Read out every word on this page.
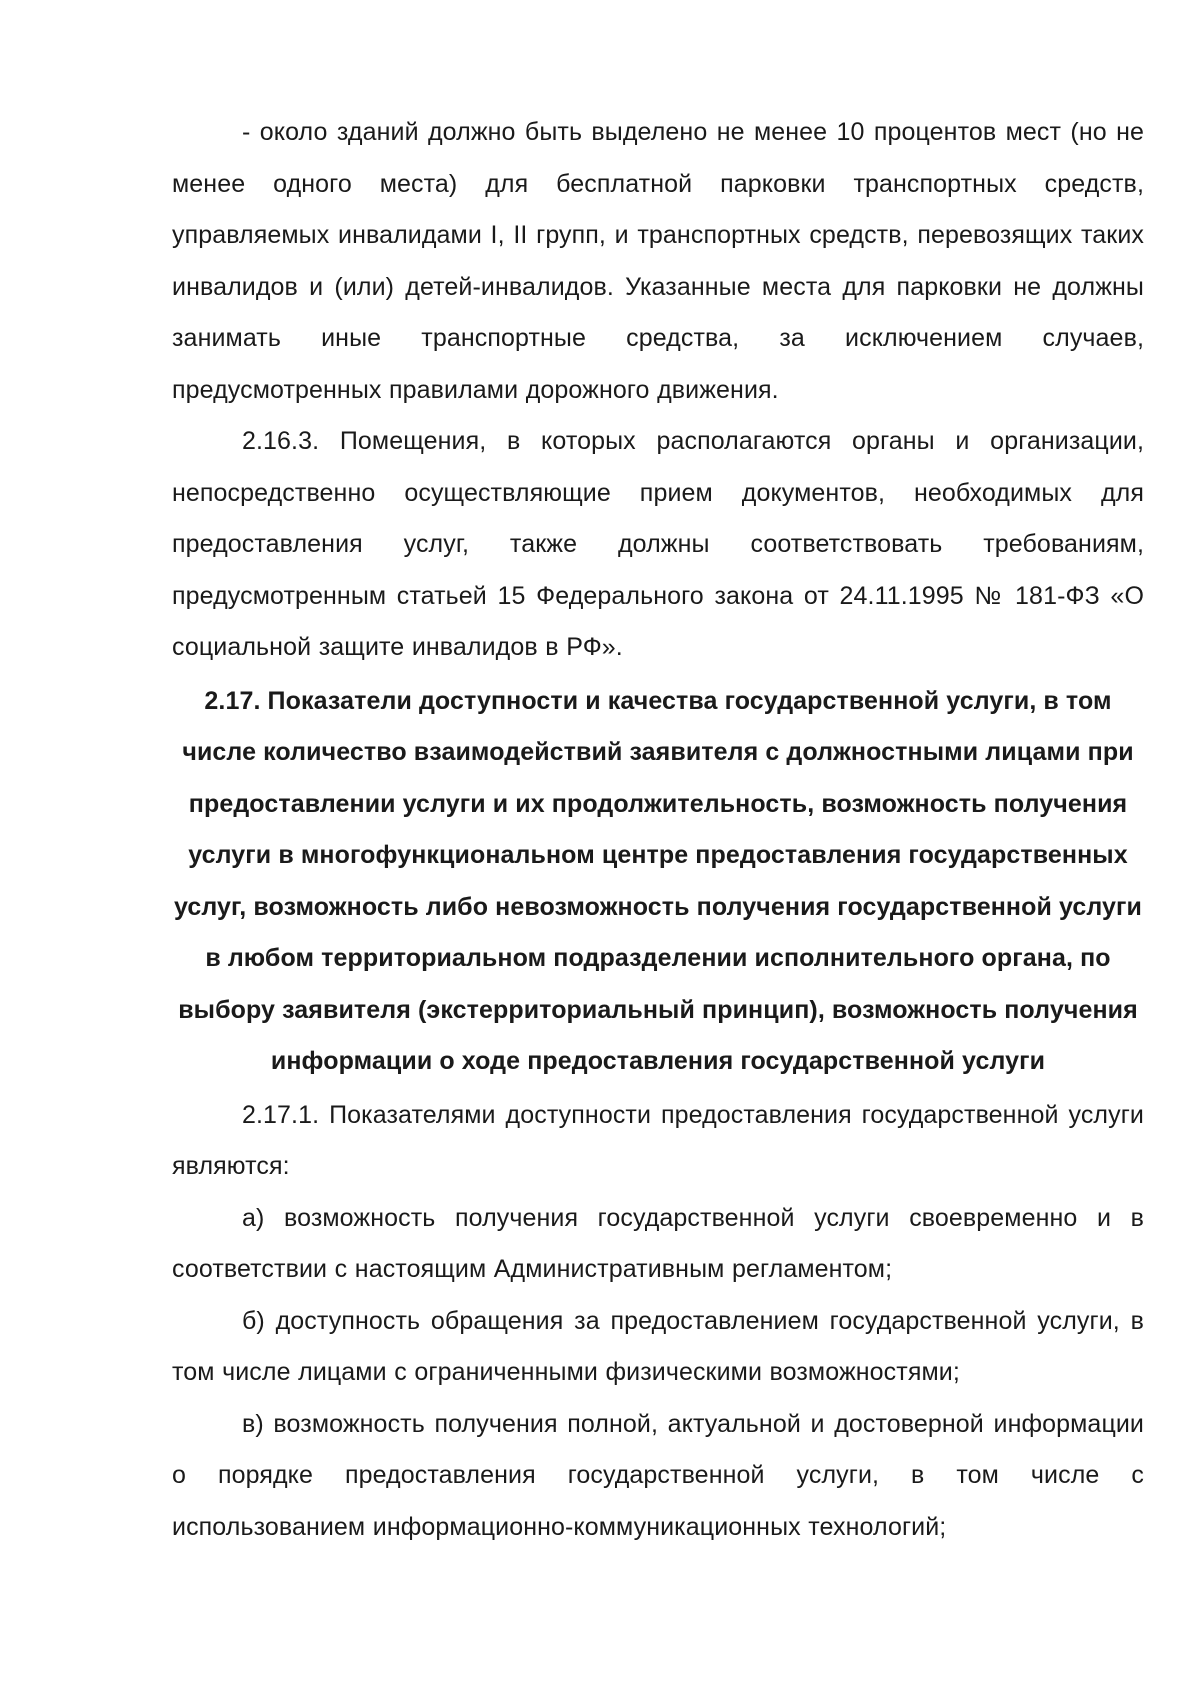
- около зданий должно быть выделено не менее 10 процентов мест (но не менее одного места) для бесплатной парковки транспортных средств, управляемых инвалидами I, II групп, и транспортных средств, перевозящих таких инвалидов и (или) детей-инвалидов. Указанные места для парковки не должны занимать иные транспортные средства, за исключением случаев, предусмотренных правилами дорожного движения.

2.16.3. Помещения, в которых располагаются органы и организации, непосредственно осуществляющие прием документов, необходимых для предоставления услуг, также должны соответствовать требованиям, предусмотренным статьей 15 Федерального закона от 24.11.1995 № 181-ФЗ «О социальной защите инвалидов в РФ».

2.17. Показатели доступности и качества государственной услуги, в том числе количество взаимодействий заявителя с должностными лицами при предоставлении услуги и их продолжительность, возможность получения услуги в многофункциональном центре предоставления государственных услуг, возможность либо невозможность получения государственной услуги в любом территориальном подразделении исполнительного органа, по выбору заявителя (экстерриториальный принцип), возможность получения информации о ходе предоставления государственной услуги

2.17.1. Показателями доступности предоставления государственной услуги являются:

а) возможность получения государственной услуги своевременно и в соответствии с настоящим Административным регламентом;

б) доступность обращения за предоставлением государственной услуги, в том числе лицами с ограниченными физическими возможностями;

в) возможность получения полной, актуальной и достоверной информации о порядке предоставления государственной услуги, в том числе с использованием информационно-коммуникационных технологий;
